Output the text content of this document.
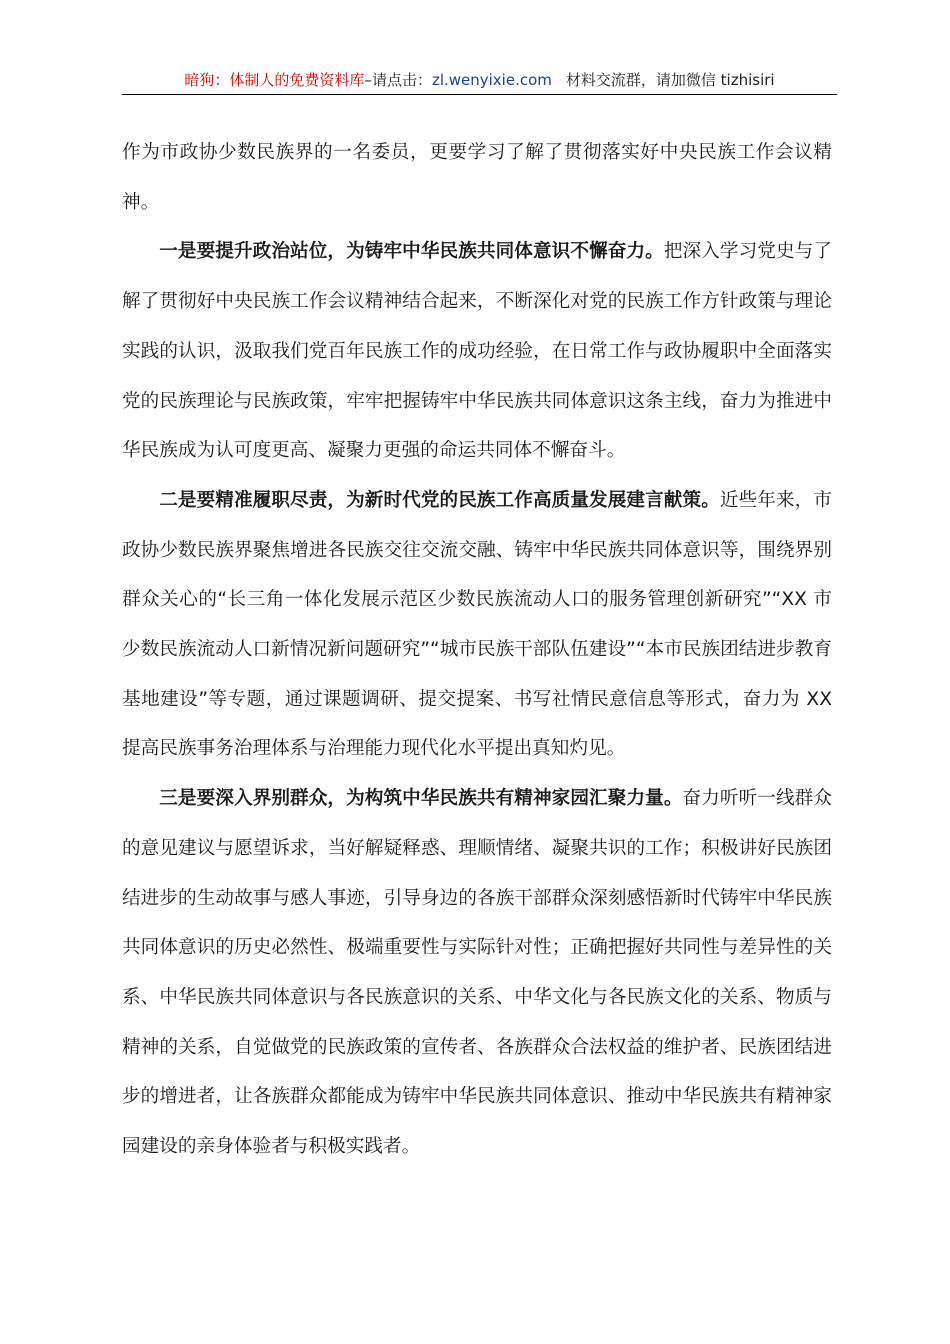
暗狗：体制人的免费资料库–请点击：zl.wenyixie.com 材料交流群，请加微信 tizhisiri

作为市政协少数民族界的一名委员，更要学习了解了贯彻落实好中央民族工作会议精神。

一是要提升政治站位，为铸牢中华民族共同体意识不懈奋力。把深入学习党史与了解了贯彻好中央民族工作会议精神结合起来，不断深化对党的民族工作方针政策与理论实践的认识，汲取我们党百年民族工作的成功经验，在日常工作与政协履职中全面落实党的民族理论与民族政策，牢牢把握铸牢中华民族共同体意识这条主线，奋力为推进中华民族成为认可度更高、凝聚力更强的命运共同体不懈奋斗。

二是要精准履职尽责，为新时代党的民族工作高质量发展建言献策。近些年来，市政协少数民族界聚焦增进各民族交往交流交融、铸牢中华民族共同体意识等，围绕界别群众关心的“长三角一体化发展示范区少数民族流动人口的服务管理创新研究”“XX 市少数民族流动人口新情况新问题研究”“城市民族干部队伍建设”“本市民族团结进步教育基地建设”等专题，通过课题调研、提交提案、书写社情民意信息等形式，奋力为 XX 提高民族事务治理体系与治理能力现代化水平提出真知灼见。

三是要深入界别群众，为构筑中华民族共有精神家园汇聚力量。奋力听听一线群众的意见建议与愿望诉求，当好解疑释惑、理顺情绪、凝聚共识的工作；积极讲好民族团结进步的生动故事与感人事迹，引导身边的各族干部群众深刻感悟新时代铸牢中华民族共同体意识的历史必然性、极端重要性与实际针对性；正确把握好共同性与差异性的关系、中华民族共同体意识与各民族意识的关系、中华文化与各民族文化的关系、物质与精神的关系，自觉做党的民族政策的宣传者、各族群众合法权益的维护者、民族团结进步的增进者，让各族群众都能成为铸牢中华民族共同体意识、推动中华民族共有精神家园建设的亲身体验者与积极实践者。
